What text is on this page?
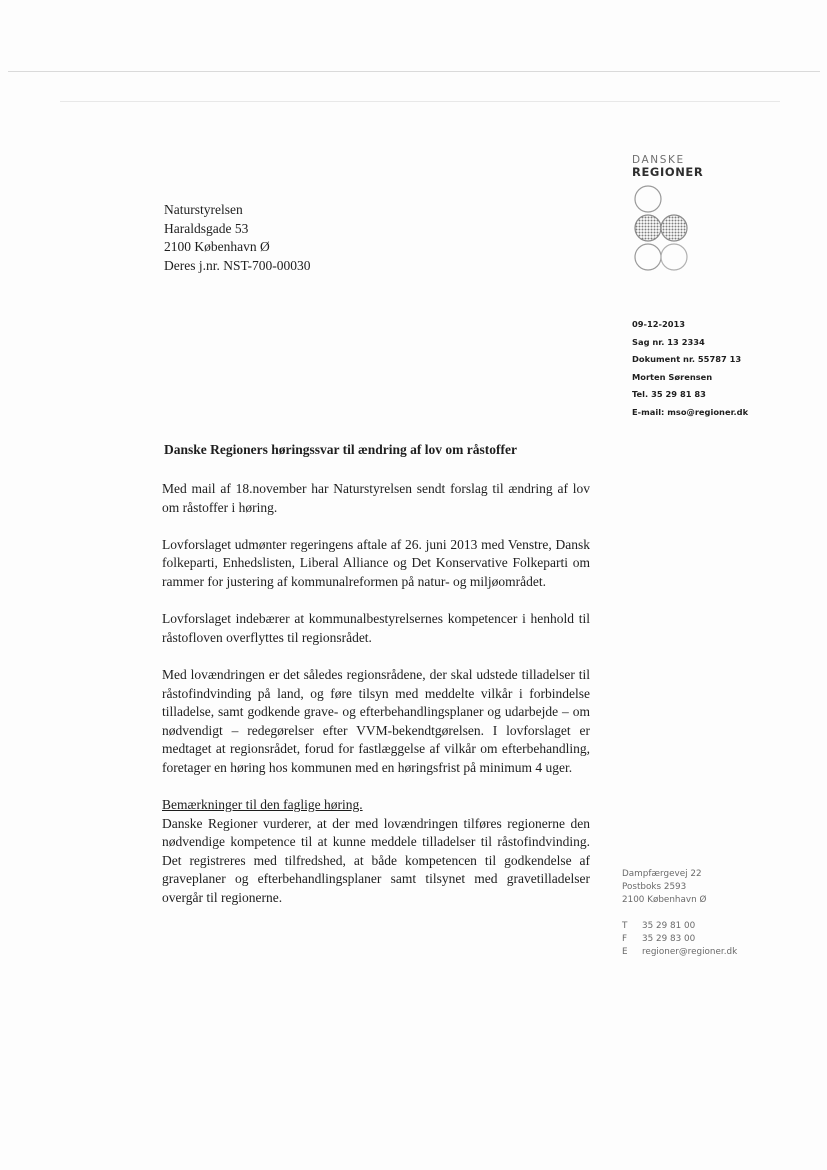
Naturstyrelsen
Haraldsgade 53
2100 København Ø
Deres j.nr. NST-700-00030
DANSKE
REGIONER
09-12-2013
Sag nr. 13 2334
Dokument nr. 55787 13
Morten Sørensen
Tel. 35 29 81 83
E-mail: mso@regioner.dk
Danske Regioners høringssvar til ændring af lov om råstoffer

Med mail af 18.november har Naturstyrelsen sendt forslag til ændring af lov om råstoffer i høring.

Lovforslaget udmønter regeringens aftale af 26. juni 2013 med Venstre, Dansk folkeparti, Enhedslisten, Liberal Alliance og Det Konservative Folkeparti om rammer for justering af kommunalreformen på natur- og miljøområdet.

Lovforslaget indebærer at kommunalbestyrelsernes kompetencer i henhold til råstofloven overflyttes til regionsrådet.

Med lovændringen er det således regionsrådene, der skal udstede tilladelser til råstofindvinding på land, og føre tilsyn med meddelte vilkår i forbindelse tilladelse, samt godkende grave- og efterbehandlingsplaner og udarbejde – om nødvendigt – redegørelser efter VVM-bekendtgørelsen. I lovforslaget er medtaget at regionsrådet, forud for fastlæggelse af vilkår om efterbehandling, foretager en høring hos kommunen med en høringsfrist på minimum 4 uger.

Bemærkninger til den faglige høring.

Danske Regioner vurderer, at der med lovændringen tilføres regionerne den nødvendige kompetence til at kunne meddele tilladelser til råstofindvinding. Det registreres med tilfredshed, at både kompetencen til godkendelse af graveplaner og efterbehandlingsplaner samt tilsynet med gravetilladelser overgår til regionerne.

Dampfærgevej 22
Postboks 2593
2100 København Ø
T 35 29 81 00
F 35 29 83 00
E regioner@regioner.dk
